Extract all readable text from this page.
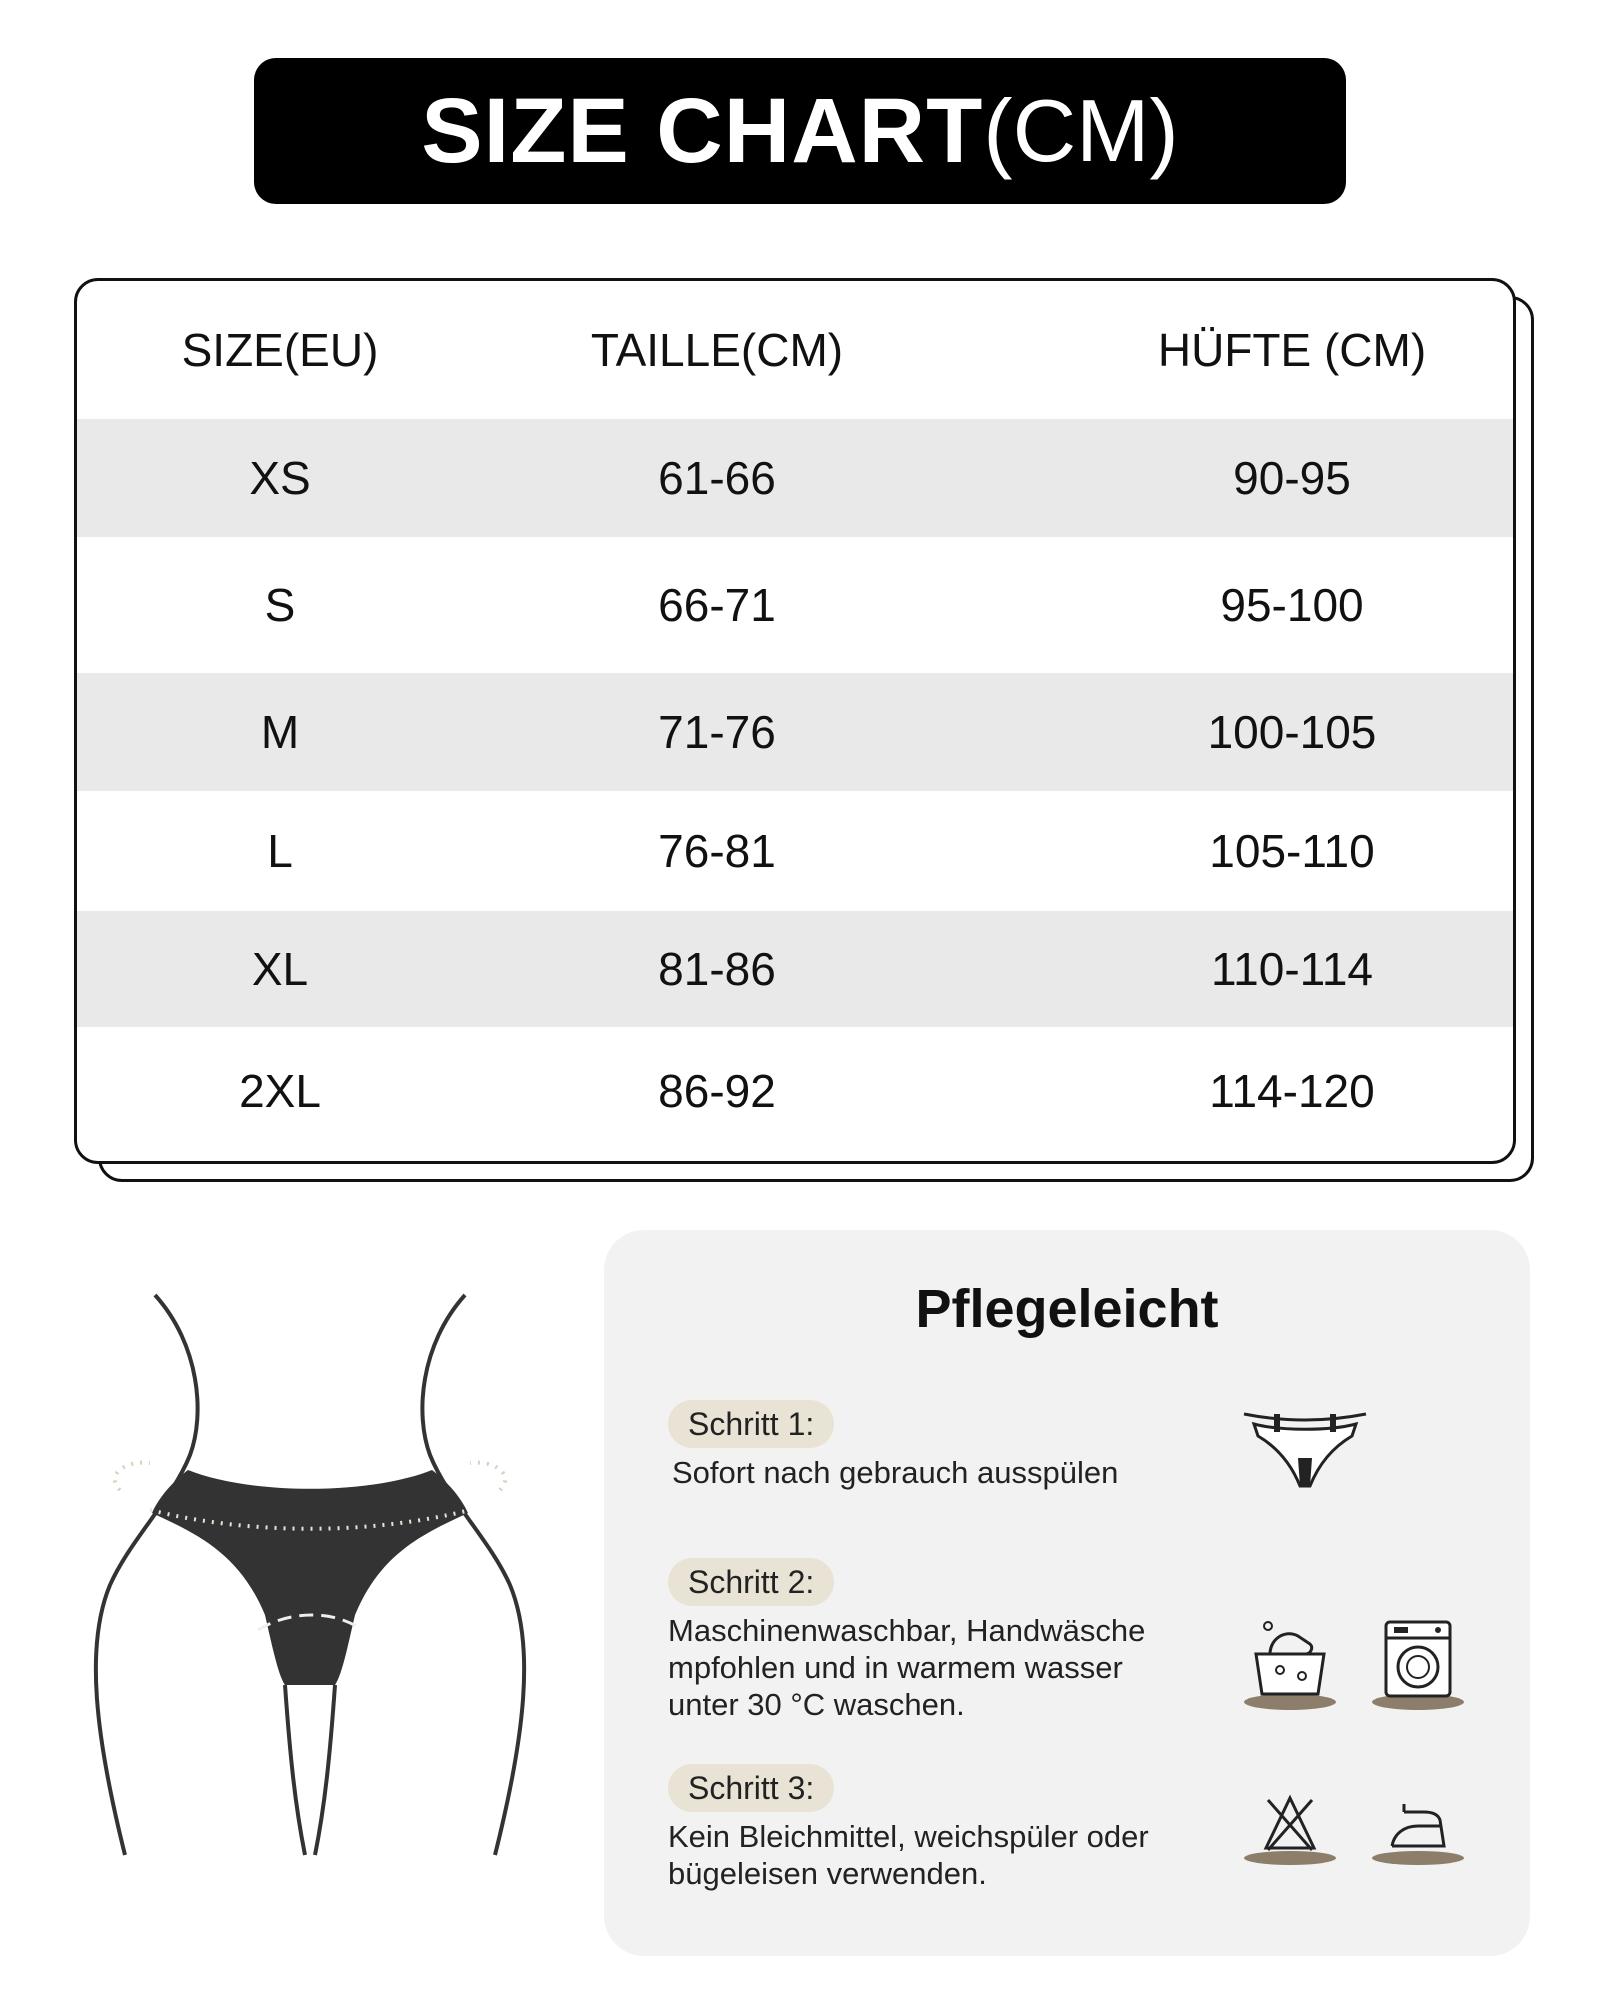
SIZE CHART (CM)
SIZE(EU)	TAILLE(CM)	HÜFTE (CM)
XS	61-66	90-95
S	66-71	95-100
M	71-76	100-105
L	76-81	105-110
XL	81-86	110-114
2XL	86-92	114-120
Pflegeleicht
Schritt 1:
Sofort nach gebrauch ausspülen
Schritt 2:
Maschinenwaschbar, Handwäsche
mpfohlen und in warmem wasser
unter 30 °C waschen.
Schritt 3:
Kein Bleichmittel, weichspüler oder
bügeleisen verwenden.
